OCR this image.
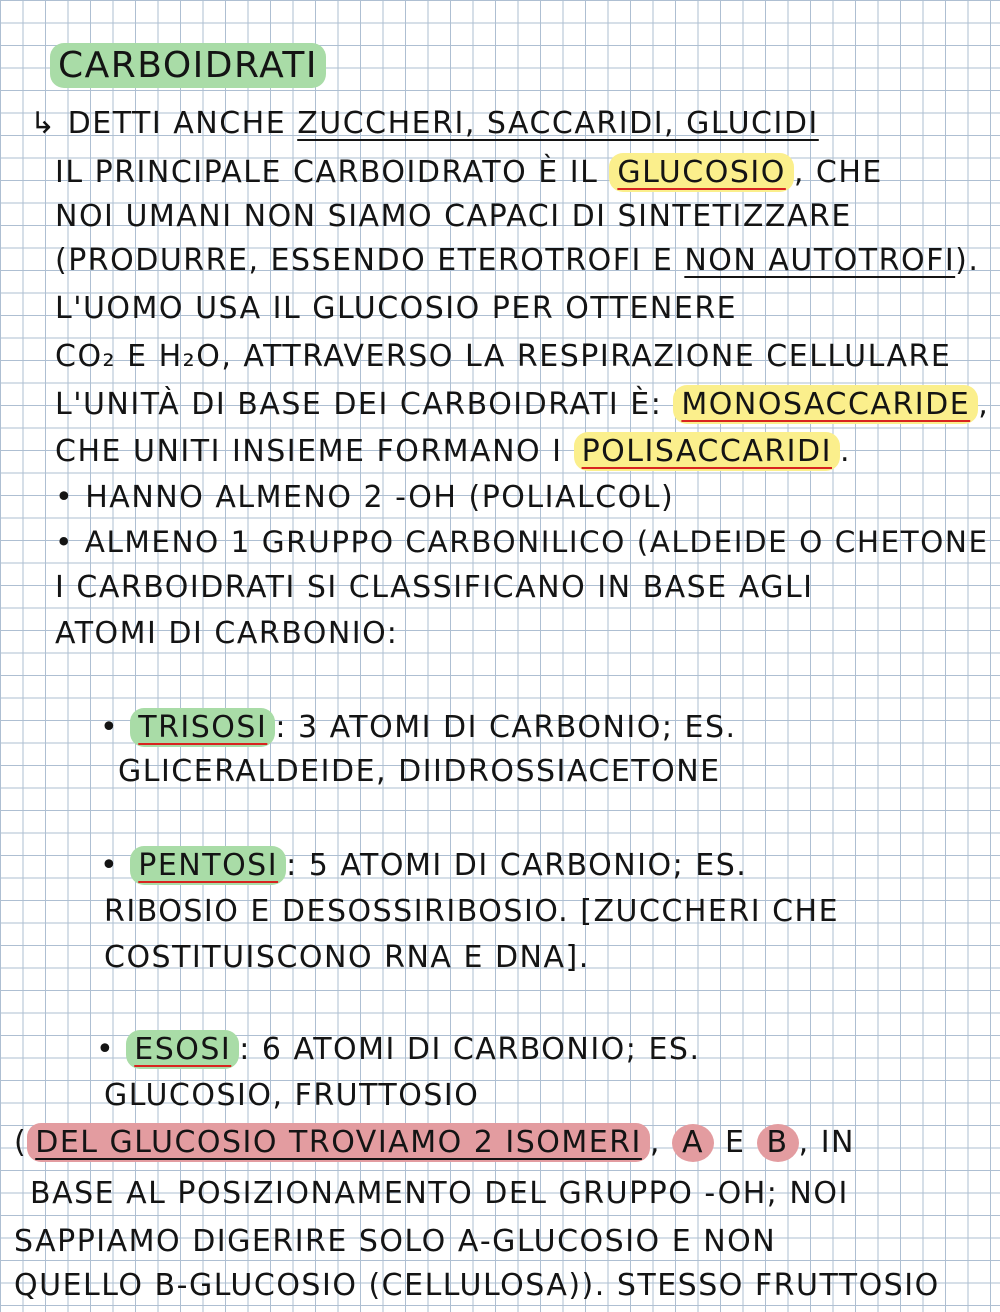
CARBOIDRATI
↳ DETTI ANCHE ZUCCHERI, SACCARIDI, GLUCIDI
IL PRINCIPALE CARBOIDRATO È IL GLUCOSIO , CHE
NOI UMANI NON SIAMO CAPACI DI SINTETIZZARE
(PRODURRE, ESSENDO ETEROTROFI E NON AUTOTROFI).
L'UOMO USA IL GLUCOSIO PER OTTENERE
CO₂ E H₂O, ATTRAVERSO LA RESPIRAZIONE CELLULARE
L'UNITÀ DI BASE DEI CARBOIDRATI È: MONOSACCARIDE ,
CHE UNITI INSIEME FORMANO I POLISACCARIDI .
• HANNO ALMENO 2 -OH (POLIALCOL)
• ALMENO 1 GRUPPO CARBONILICO (ALDEIDE O CHETONE
I CARBOIDRATI SI CLASSIFICANO IN BASE AGLI
ATOMI DI CARBONIO:
• TRISOSI : 3 ATOMI DI CARBONIO; ES.
GLICERALDEIDE, DIIDROSSIACETONE
• PENTOSI : 5 ATOMI DI CARBONIO; ES.
RIBOSIO E DESOSSIRIBOSIO. [ZUCCHERI CHE
COSTITUISCONO RNA E DNA].
• ESOSI : 6 ATOMI DI CARBONIO; ES.
GLUCOSIO, FRUTTOSIO
( DEL GLUCOSIO TROVIAMO 2 ISOMERI , Α E Β , IN
BASE AL POSIZIONAMENTO DEL GRUPPO -OH; NOI
SAPPIAMO DIGERIRE SOLO Α-GLUCOSIO E NON
QUELLO Β-GLUCOSIO (CELLULOSA)). STESSO FRUTTOSIO
